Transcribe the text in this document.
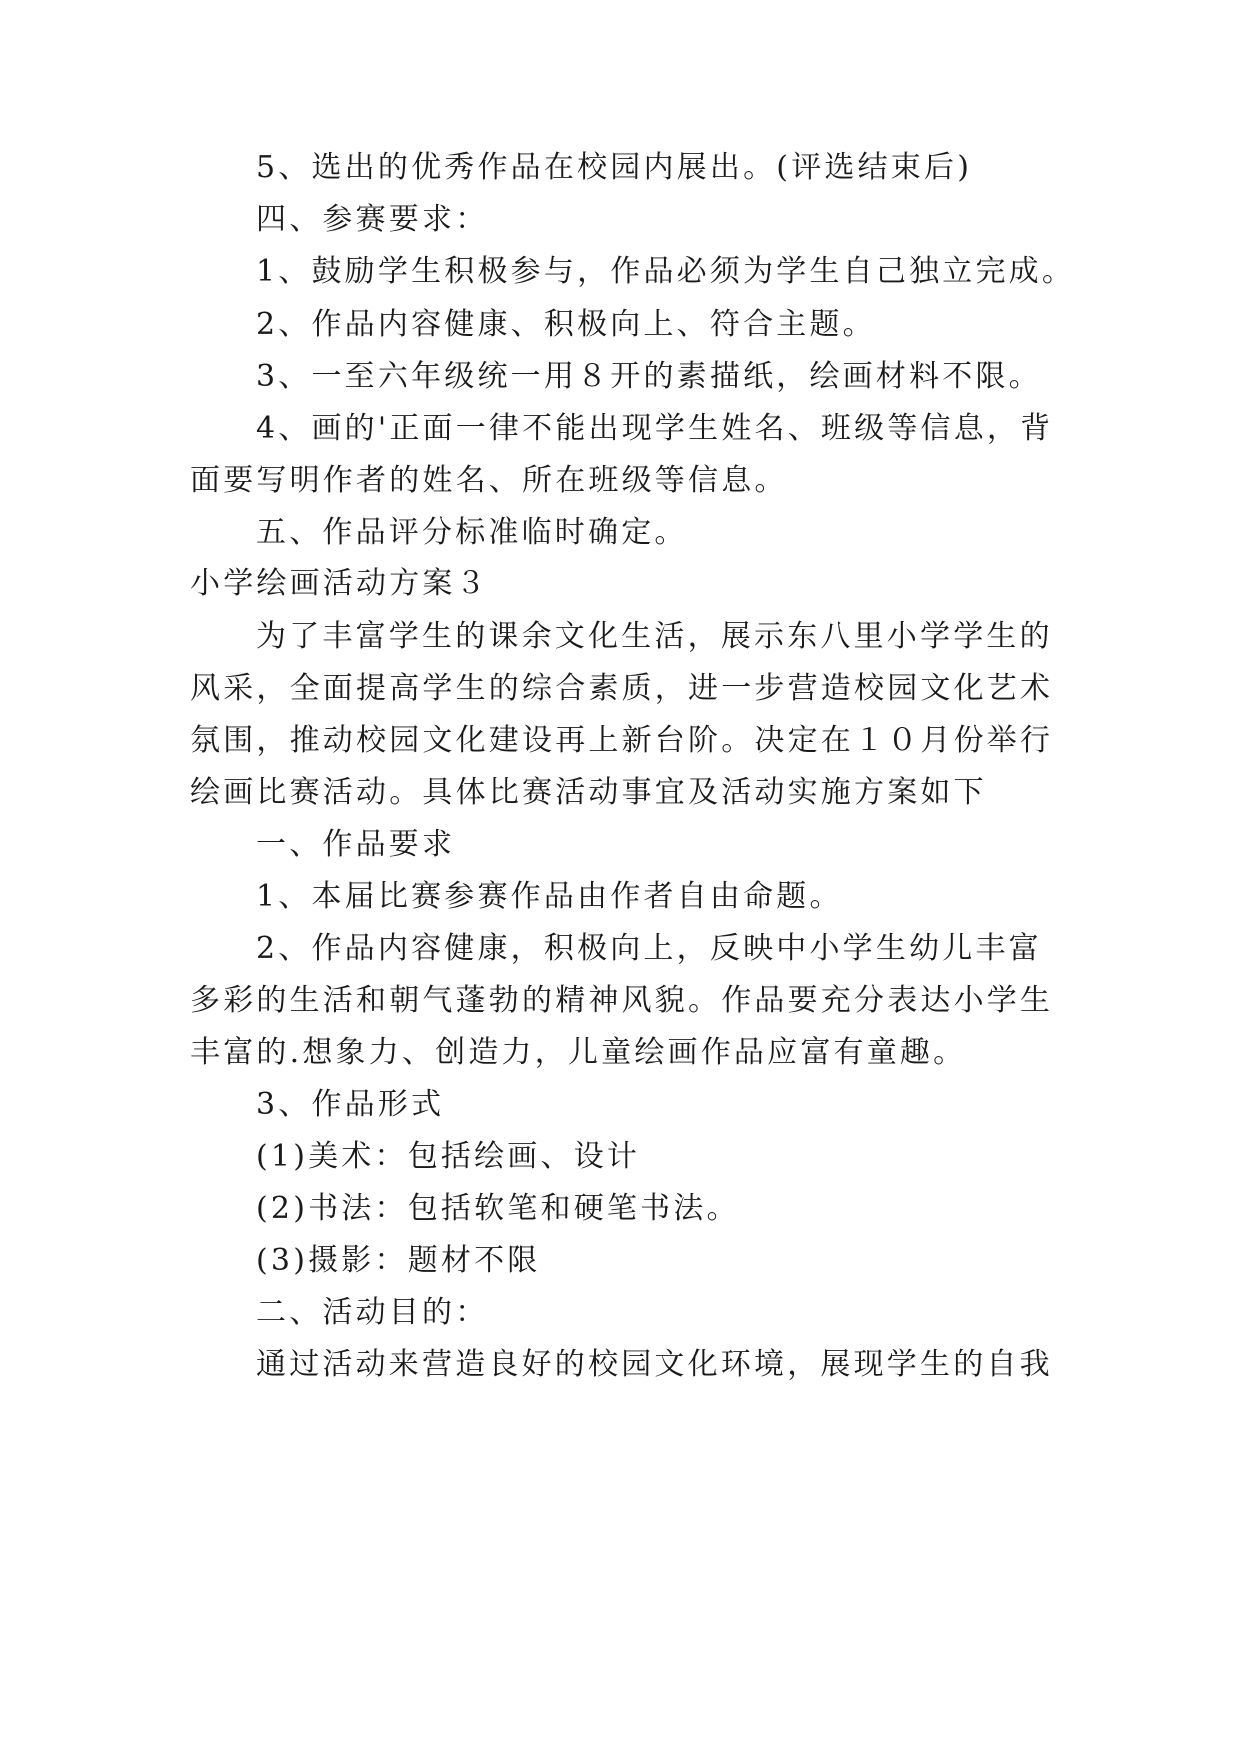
5、选出的优秀作品在校园内展出。(评选结束后)
四、参赛要求：
1、鼓励学生积极参与，作品必须为学生自己独立完成。
2、作品内容健康、积极向上、符合主题。
3、一至六年级统一用８开的素描纸，绘画材料不限。
4、画的'正面一律不能出现学生姓名、班级等信息，背
面要写明作者的姓名、所在班级等信息。
五、作品评分标准临时确定。
小学绘画活动方案３
为了丰富学生的课余文化生活，展示东八里小学学生的
风采，全面提高学生的综合素质，进一步营造校园文化艺术
氛围，推动校园文化建设再上新台阶。决定在１０月份举行
绘画比赛活动。具体比赛活动事宜及活动实施方案如下
一、作品要求
1、本届比赛参赛作品由作者自由命题。
2、作品内容健康，积极向上，反映中小学生幼儿丰富
多彩的生活和朝气蓬勃的精神风貌。作品要充分表达小学生
丰富的.想象力、创造力，儿童绘画作品应富有童趣。
3、作品形式
(1)美术：包括绘画、设计
(2)书法：包括软笔和硬笔书法。
(3)摄影：题材不限
二、活动目的：
通过活动来营造良好的校园文化环境，展现学生的自我
